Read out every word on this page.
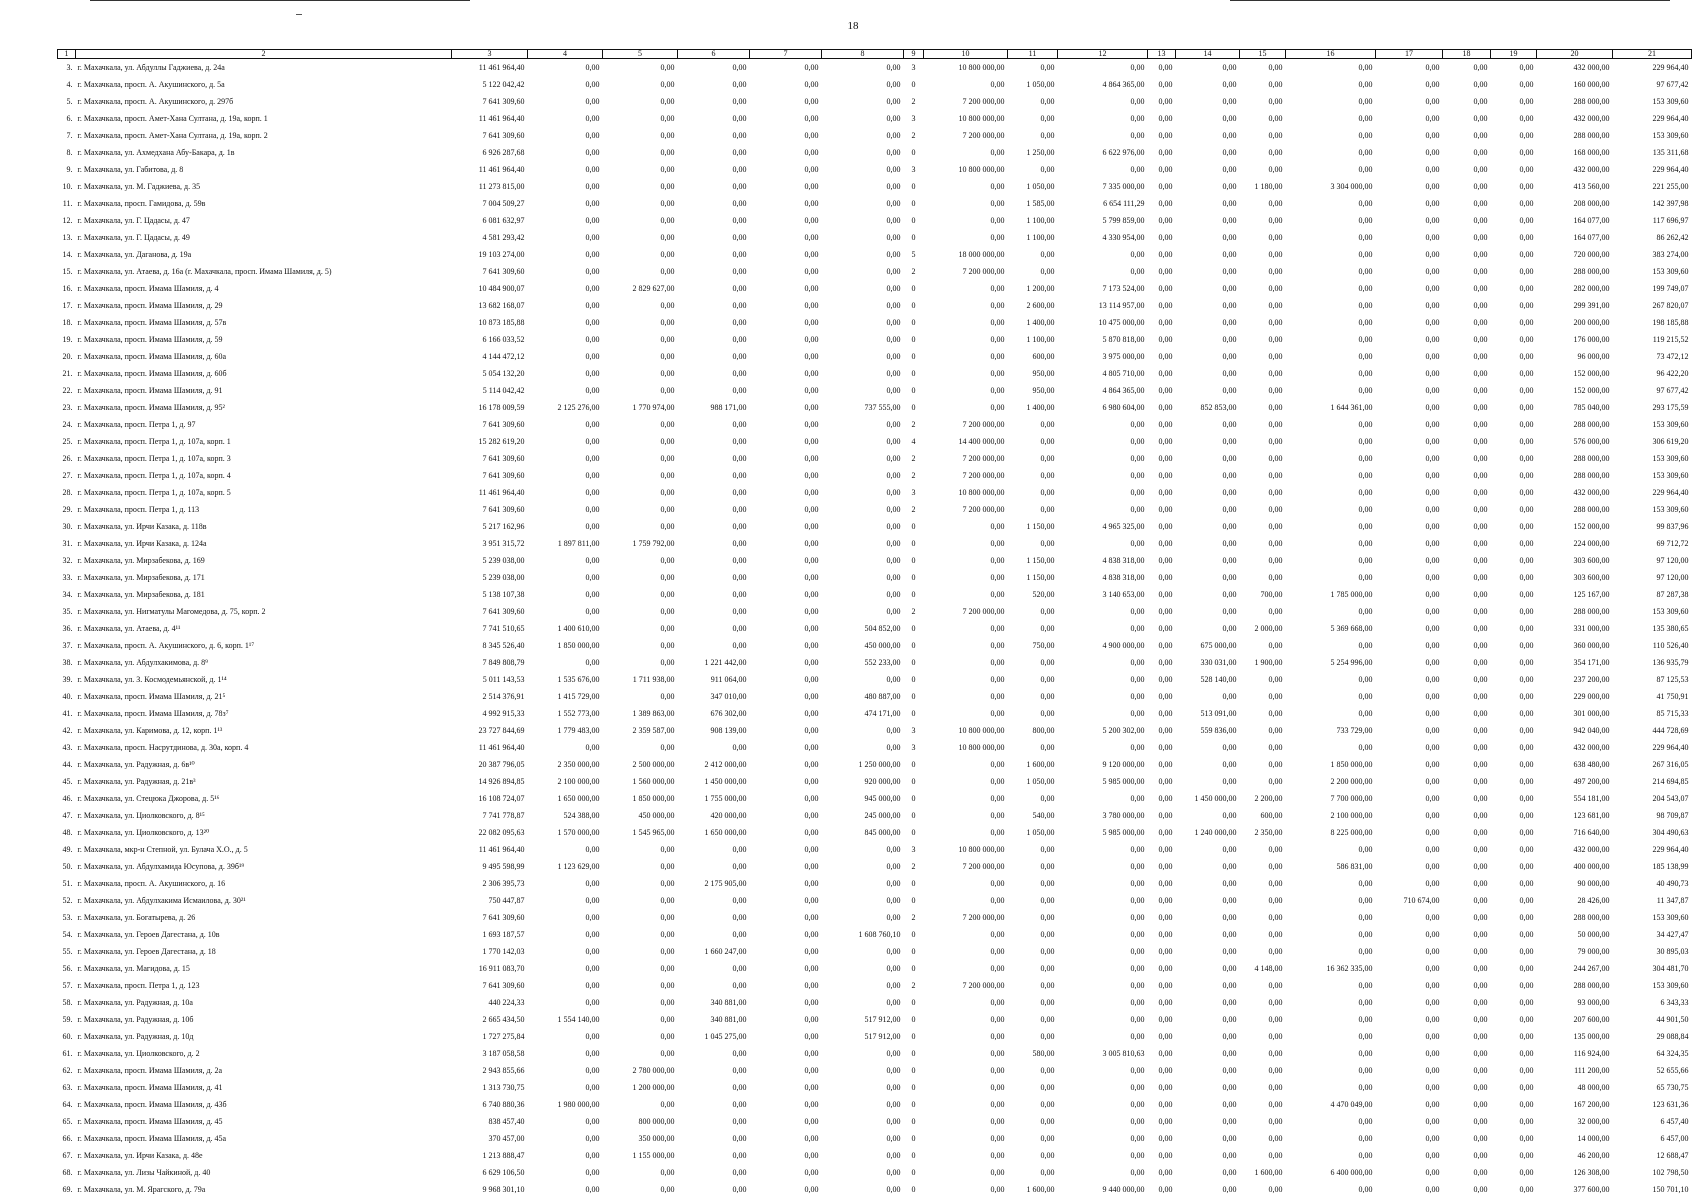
18
1	2	3	4	5	6	7	8	9	10	11	12	13	14	15	16	17	18	19	20	21
3.	г. Махачкала, ул. Абдуллы Гаджиева, д. 24а	11 461 964,40	0,00	0,00	0,00	0,00	0,00	3	10 800 000,00	0,00	0,00	0,00	0,00	0,00	0,00	0,00	0,00	0,00	432 000,00	229 964,40
4.	г. Махачкала, просп. А. Акушинского, д. 5а	5 122 042,42	0,00	0,00	0,00	0,00	0,00	0	0,00	1 050,00	4 864 365,00	0,00	0,00	0,00	0,00	0,00	0,00	0,00	160 000,00	97 677,42
5.	г. Махачкала, просп. А. Акушинского, д. 297б	7 641 309,60	0,00	0,00	0,00	0,00	0,00	2	7 200 000,00	0,00	0,00	0,00	0,00	0,00	0,00	0,00	0,00	0,00	288 000,00	153 309,60
6.	г. Махачкала, просп. Амет-Хана Султана, д. 19а, корп. 1	11 461 964,40	0,00	0,00	0,00	0,00	0,00	3	10 800 000,00	0,00	0,00	0,00	0,00	0,00	0,00	0,00	0,00	0,00	432 000,00	229 964,40
7.	г. Махачкала, просп. Амет-Хана Султана, д. 19а, корп. 2	7 641 309,60	0,00	0,00	0,00	0,00	0,00	2	7 200 000,00	0,00	0,00	0,00	0,00	0,00	0,00	0,00	0,00	0,00	288 000,00	153 309,60
8.	г. Махачкала, ул. Ахмедхана Абу-Бакара, д. 1в	6 926 287,68	0,00	0,00	0,00	0,00	0,00	0	0,00	1 250,00	6 622 976,00	0,00	0,00	0,00	0,00	0,00	0,00	0,00	168 000,00	135 311,68
9.	г. Махачкала, ул. Габитова, д. 8	11 461 964,40	0,00	0,00	0,00	0,00	0,00	3	10 800 000,00	0,00	0,00	0,00	0,00	0,00	0,00	0,00	0,00	0,00	432 000,00	229 964,40
10.	г. Махачкала, ул. М. Гаджиева, д. 35	11 273 815,00	0,00	0,00	0,00	0,00	0,00	0	0,00	1 050,00	7 335 000,00	0,00	0,00	1 180,00	3 304 000,00	0,00	0,00	0,00	413 560,00	221 255,00
11.	г. Махачкала, просп. Гамидова, д. 59в	7 004 509,27	0,00	0,00	0,00	0,00	0,00	0	0,00	1 585,00	6 654 111,29	0,00	0,00	0,00	0,00	0,00	0,00	0,00	208 000,00	142 397,98
12.	г. Махачкала, ул. Г. Цадасы, д. 47	6 081 632,97	0,00	0,00	0,00	0,00	0,00	0	0,00	1 100,00	5 799 859,00	0,00	0,00	0,00	0,00	0,00	0,00	0,00	164 077,00	117 696,97
13.	г. Махачкала, ул. Г. Цадасы, д. 49	4 581 293,42	0,00	0,00	0,00	0,00	0,00	0	0,00	1 100,00	4 330 954,00	0,00	0,00	0,00	0,00	0,00	0,00	0,00	164 077,00	86 262,42
14.	г. Махачкала, ул. Даганова, д. 19а	19 103 274,00	0,00	0,00	0,00	0,00	0,00	5	18 000 000,00	0,00	0,00	0,00	0,00	0,00	0,00	0,00	0,00	0,00	720 000,00	383 274,00
15.	г. Махачкала, ул. Атаева, д. 16а (г. Махачкала, просп. Имама Шамиля, д. 5)	7 641 309,60	0,00	0,00	0,00	0,00	0,00	2	7 200 000,00	0,00	0,00	0,00	0,00	0,00	0,00	0,00	0,00	0,00	288 000,00	153 309,60
16.	г. Махачкала, просп. Имама Шамиля, д. 4	10 484 900,07	0,00	2 829 627,00	0,00	0,00	0,00	0	0,00	1 200,00	7 173 524,00	0,00	0,00	0,00	0,00	0,00	0,00	0,00	282 000,00	199 749,07
17.	г. Махачкала, просп. Имама Шамиля, д. 29	13 682 168,07	0,00	0,00	0,00	0,00	0,00	0	0,00	2 600,00	13 114 957,00	0,00	0,00	0,00	0,00	0,00	0,00	0,00	299 391,00	267 820,07
18.	г. Махачкала, просп. Имама Шамиля, д. 57в	10 873 185,88	0,00	0,00	0,00	0,00	0,00	0	0,00	1 400,00	10 475 000,00	0,00	0,00	0,00	0,00	0,00	0,00	0,00	200 000,00	198 185,88
19.	г. Махачкала, просп. Имама Шамиля, д. 59	6 166 033,52	0,00	0,00	0,00	0,00	0,00	0	0,00	1 100,00	5 870 818,00	0,00	0,00	0,00	0,00	0,00	0,00	0,00	176 000,00	119 215,52
20.	г. Махачкала, просп. Имама Шамиля, д. 60а	4 144 472,12	0,00	0,00	0,00	0,00	0,00	0	0,00	600,00	3 975 000,00	0,00	0,00	0,00	0,00	0,00	0,00	0,00	96 000,00	73 472,12
21.	г. Махачкала, просп. Имама Шамиля, д. 60б	5 054 132,20	0,00	0,00	0,00	0,00	0,00	0	0,00	950,00	4 805 710,00	0,00	0,00	0,00	0,00	0,00	0,00	0,00	152 000,00	96 422,20
22.	г. Махачкала, просп. Имама Шамиля, д. 91	5 114 042,42	0,00	0,00	0,00	0,00	0,00	0	0,00	950,00	4 864 365,00	0,00	0,00	0,00	0,00	0,00	0,00	0,00	152 000,00	97 677,42
23.	г. Махачкала, просп. Имама Шамиля, д. 95²	16 178 009,59	2 125 276,00	1 770 974,00	988 171,00	0,00	737 555,00	0	0,00	1 400,00	6 980 604,00	0,00	852 853,00	0,00	1 644 361,00	0,00	0,00	0,00	785 040,00	293 175,59
24.	г. Махачкала, просп. Петра 1, д. 97	7 641 309,60	0,00	0,00	0,00	0,00	0,00	2	7 200 000,00	0,00	0,00	0,00	0,00	0,00	0,00	0,00	0,00	0,00	288 000,00	153 309,60
25.	г. Махачкала, просп. Петра 1, д. 107а, корп. 1	15 282 619,20	0,00	0,00	0,00	0,00	0,00	4	14 400 000,00	0,00	0,00	0,00	0,00	0,00	0,00	0,00	0,00	0,00	576 000,00	306 619,20
26.	г. Махачкала, просп. Петра 1, д. 107а, корп. 3	7 641 309,60	0,00	0,00	0,00	0,00	0,00	2	7 200 000,00	0,00	0,00	0,00	0,00	0,00	0,00	0,00	0,00	0,00	288 000,00	153 309,60
27.	г. Махачкала, просп. Петра 1, д. 107а, корп. 4	7 641 309,60	0,00	0,00	0,00	0,00	0,00	2	7 200 000,00	0,00	0,00	0,00	0,00	0,00	0,00	0,00	0,00	0,00	288 000,00	153 309,60
28.	г. Махачкала, просп. Петра 1, д. 107а, корп. 5	11 461 964,40	0,00	0,00	0,00	0,00	0,00	3	10 800 000,00	0,00	0,00	0,00	0,00	0,00	0,00	0,00	0,00	0,00	432 000,00	229 964,40
29.	г. Махачкала, просп. Петра 1, д. 113	7 641 309,60	0,00	0,00	0,00	0,00	0,00	2	7 200 000,00	0,00	0,00	0,00	0,00	0,00	0,00	0,00	0,00	0,00	288 000,00	153 309,60
30.	г. Махачкала, ул. Ирчи Казака, д. 118в	5 217 162,96	0,00	0,00	0,00	0,00	0,00	0	0,00	1 150,00	4 965 325,00	0,00	0,00	0,00	0,00	0,00	0,00	0,00	152 000,00	99 837,96
31.	г. Махачкала, ул. Ирчи Казака, д. 124а	3 951 315,72	1 897 811,00	1 759 792,00	0,00	0,00	0,00	0	0,00	0,00	0,00	0,00	0,00	0,00	0,00	0,00	0,00	0,00	224 000,00	69 712,72
32.	г. Махачкала, ул. Мирзабекова, д. 169	5 239 038,00	0,00	0,00	0,00	0,00	0,00	0	0,00	1 150,00	4 838 318,00	0,00	0,00	0,00	0,00	0,00	0,00	0,00	303 600,00	97 120,00
33.	г. Махачкала, ул. Мирзабекова, д. 171	5 239 038,00	0,00	0,00	0,00	0,00	0,00	0	0,00	1 150,00	4 838 318,00	0,00	0,00	0,00	0,00	0,00	0,00	0,00	303 600,00	97 120,00
34.	г. Махачкала, ул. Мирзабекова, д. 181	5 138 107,38	0,00	0,00	0,00	0,00	0,00	0	0,00	520,00	3 140 653,00	0,00	0,00	700,00	1 785 000,00	0,00	0,00	0,00	125 167,00	87 287,38
35.	г. Махачкала, ул. Нигматулы Магомедова, д. 75, корп. 2	7 641 309,60	0,00	0,00	0,00	0,00	0,00	2	7 200 000,00	0,00	0,00	0,00	0,00	0,00	0,00	0,00	0,00	0,00	288 000,00	153 309,60
36.	г. Махачкала, ул. Атаева, д. 4¹¹	7 741 510,65	1 400 610,00	0,00	0,00	0,00	504 852,00	0	0,00	0,00	0,00	0,00	0,00	2 000,00	5 369 668,00	0,00	0,00	0,00	331 000,00	135 380,65
37.	г. Махачкала, просп. А. Акушинского, д. 6, корп. 1¹⁷	8 345 526,40	1 850 000,00	0,00	0,00	0,00	450 000,00	0	0,00	750,00	4 900 000,00	0,00	675 000,00	0,00	0,00	0,00	0,00	0,00	360 000,00	110 526,40
38.	г. Махачкала, ул. Абдулхакимова, д. 8⁹	7 849 808,79	0,00	0,00	1 221 442,00	0,00	552 233,00	0	0,00	0,00	0,00	0,00	330 031,00	1 900,00	5 254 996,00	0,00	0,00	0,00	354 171,00	136 935,79
39.	г. Махачкала, ул. З. Космодемьянской, д. 1¹⁴	5 011 143,53	1 535 676,00	1 711 938,00	911 064,00	0,00	0,00	0	0,00	0,00	0,00	0,00	528 140,00	0,00	0,00	0,00	0,00	0,00	237 200,00	87 125,53
40.	г. Махачкала, просп. Имама Шамиля, д. 21⁵	2 514 376,91	1 415 729,00	0,00	347 010,00	0,00	480 887,00	0	0,00	0,00	0,00	0,00	0,00	0,00	0,00	0,00	0,00	0,00	229 000,00	41 750,91
41.	г. Махачкала, просп. Имама Шамиля, д. 78з⁷	4 992 915,33	1 552 773,00	1 389 863,00	676 302,00	0,00	474 171,00	0	0,00	0,00	0,00	0,00	513 091,00	0,00	0,00	0,00	0,00	0,00	301 000,00	85 715,33
42.	г. Махачкала, ул. Каримова, д. 12, корп. 1¹³	23 727 844,69	1 779 483,00	2 359 587,00	908 139,00	0,00	0,00	3	10 800 000,00	800,00	5 200 302,00	0,00	559 836,00	0,00	733 729,00	0,00	0,00	0,00	942 040,00	444 728,69
43.	г. Махачкала, просп. Насрутдинова, д. 30а, корп. 4	11 461 964,40	0,00	0,00	0,00	0,00	0,00	3	10 800 000,00	0,00	0,00	0,00	0,00	0,00	0,00	0,00	0,00	0,00	432 000,00	229 964,40
44.	г. Махачкала, ул. Радужная, д. 6в¹⁰	20 387 796,05	2 350 000,00	2 500 000,00	2 412 000,00	0,00	1 250 000,00	0	0,00	1 600,00	9 120 000,00	0,00	0,00	0,00	1 850 000,00	0,00	0,00	0,00	638 480,00	267 316,05
45.	г. Махачкала, ул. Радужная, д. 21в³	14 926 894,85	2 100 000,00	1 560 000,00	1 450 000,00	0,00	920 000,00	0	0,00	1 050,00	5 985 000,00	0,00	0,00	0,00	2 200 000,00	0,00	0,00	0,00	497 200,00	214 694,85
46.	г. Махачкала, ул. Стецюка Джорова, д. 5¹⁶	16 108 724,07	1 650 000,00	1 850 000,00	1 755 000,00	0,00	945 000,00	0	0,00	0,00	0,00	0,00	1 450 000,00	2 200,00	7 700 000,00	0,00	0,00	0,00	554 181,00	204 543,07
47.	г. Махачкала, ул. Циолковского, д. 8¹⁵	7 741 778,87	524 388,00	450 000,00	420 000,00	0,00	245 000,00	0	0,00	540,00	3 780 000,00	0,00	0,00	600,00	2 100 000,00	0,00	0,00	0,00	123 681,00	98 709,87
48.	г. Махачкала, ул. Циолковского, д. 13²⁰	22 082 095,63	1 570 000,00	1 545 965,00	1 650 000,00	0,00	845 000,00	0	0,00	1 050,00	5 985 000,00	0,00	1 240 000,00	2 350,00	8 225 000,00	0,00	0,00	0,00	716 640,00	304 490,63
49.	г. Махачкала, мкр-н Степной, ул. Булача Х.О., д. 5	11 461 964,40	0,00	0,00	0,00	0,00	0,00	3	10 800 000,00	0,00	0,00	0,00	0,00	0,00	0,00	0,00	0,00	0,00	432 000,00	229 964,40
50.	г. Махачкала, ул. Абдулхамида Юсупова, д. 39б¹⁹	9 495 598,99	1 123 629,00	0,00	0,00	0,00	0,00	2	7 200 000,00	0,00	0,00	0,00	0,00	0,00	586 831,00	0,00	0,00	0,00	400 000,00	185 138,99
51.	г. Махачкала, просп. А. Акушинского, д. 16	2 306 395,73	0,00	0,00	2 175 905,00	0,00	0,00	0	0,00	0,00	0,00	0,00	0,00	0,00	0,00	0,00	0,00	0,00	90 000,00	40 490,73
52.	г. Махачкала, ул. Абдулхакима Исмаилова, д. 30²¹	750 447,87	0,00	0,00	0,00	0,00	0,00	0	0,00	0,00	0,00	0,00	0,00	0,00	0,00	710 674,00	0,00	0,00	28 426,00	11 347,87
53.	г. Махачкала, ул. Богатырева, д. 26	7 641 309,60	0,00	0,00	0,00	0,00	0,00	2	7 200 000,00	0,00	0,00	0,00	0,00	0,00	0,00	0,00	0,00	0,00	288 000,00	153 309,60
54.	г. Махачкала, ул. Героев Дагестана, д. 10в	1 693 187,57	0,00	0,00	0,00	0,00	1 608 760,10	0	0,00	0,00	0,00	0,00	0,00	0,00	0,00	0,00	0,00	0,00	50 000,00	34 427,47
55.	г. Махачкала, ул. Героев Дагестана, д. 18	1 770 142,03	0,00	0,00	1 660 247,00	0,00	0,00	0	0,00	0,00	0,00	0,00	0,00	0,00	0,00	0,00	0,00	0,00	79 000,00	30 895,03
56.	г. Махачкала, ул. Магидова, д. 15	16 911 083,70	0,00	0,00	0,00	0,00	0,00	0	0,00	0,00	0,00	0,00	0,00	4 148,00	16 362 335,00	0,00	0,00	0,00	244 267,00	304 481,70
57.	г. Махачкала, просп. Петра 1, д. 123	7 641 309,60	0,00	0,00	0,00	0,00	0,00	2	7 200 000,00	0,00	0,00	0,00	0,00	0,00	0,00	0,00	0,00	0,00	288 000,00	153 309,60
58.	г. Махачкала, ул. Радужная, д. 10а	440 224,33	0,00	0,00	340 881,00	0,00	0,00	0	0,00	0,00	0,00	0,00	0,00	0,00	0,00	0,00	0,00	0,00	93 000,00	6 343,33
59.	г. Махачкала, ул. Радужная, д. 10б	2 665 434,50	1 554 140,00	0,00	340 881,00	0,00	517 912,00	0	0,00	0,00	0,00	0,00	0,00	0,00	0,00	0,00	0,00	0,00	207 600,00	44 901,50
60.	г. Махачкала, ул. Радужная, д. 10д	1 727 275,84	0,00	0,00	1 045 275,00	0,00	517 912,00	0	0,00	0,00	0,00	0,00	0,00	0,00	0,00	0,00	0,00	0,00	135 000,00	29 088,84
61.	г. Махачкала, ул. Циолковского, д. 2	3 187 058,58	0,00	0,00	0,00	0,00	0,00	0	0,00	580,00	3 005 810,63	0,00	0,00	0,00	0,00	0,00	0,00	0,00	116 924,00	64 324,35
62.	г. Махачкала, просп. Имама Шамиля, д. 2а	2 943 855,66	0,00	2 780 000,00	0,00	0,00	0,00	0	0,00	0,00	0,00	0,00	0,00	0,00	0,00	0,00	0,00	0,00	111 200,00	52 655,66
63.	г. Махачкала, просп. Имама Шамиля, д. 41	1 313 730,75	0,00	1 200 000,00	0,00	0,00	0,00	0	0,00	0,00	0,00	0,00	0,00	0,00	0,00	0,00	0,00	0,00	48 000,00	65 730,75
64.	г. Махачкала, просп. Имама Шамиля, д. 43б	6 740 880,36	1 980 000,00	0,00	0,00	0,00	0,00	0	0,00	0,00	0,00	0,00	0,00	0,00	4 470 049,00	0,00	0,00	0,00	167 200,00	123 631,36
65.	г. Махачкала, просп. Имама Шамиля, д. 45	838 457,40	0,00	800 000,00	0,00	0,00	0,00	0	0,00	0,00	0,00	0,00	0,00	0,00	0,00	0,00	0,00	0,00	32 000,00	6 457,40
66.	г. Махачкала, просп. Имама Шамиля, д. 45а	370 457,00	0,00	350 000,00	0,00	0,00	0,00	0	0,00	0,00	0,00	0,00	0,00	0,00	0,00	0,00	0,00	0,00	14 000,00	6 457,00
67.	г. Махачкала, ул. Ирчи Казака, д. 48е	1 213 888,47	0,00	1 155 000,00	0,00	0,00	0,00	0	0,00	0,00	0,00	0,00	0,00	0,00	0,00	0,00	0,00	0,00	46 200,00	12 688,47
68.	г. Махачкала, ул. Лизы Чайкиной, д. 40	6 629 106,50	0,00	0,00	0,00	0,00	0,00	0	0,00	0,00	0,00	0,00	0,00	1 600,00	6 400 000,00	0,00	0,00	0,00	126 308,00	102 798,50
69.	г. Махачкала, ул. М. Ярагского, д. 79а	9 968 301,10	0,00	0,00	0,00	0,00	0,00	0	0,00	1 600,00	9 440 000,00	0,00	0,00	0,00	0,00	0,00	0,00	0,00	377 600,00	150 701,10
